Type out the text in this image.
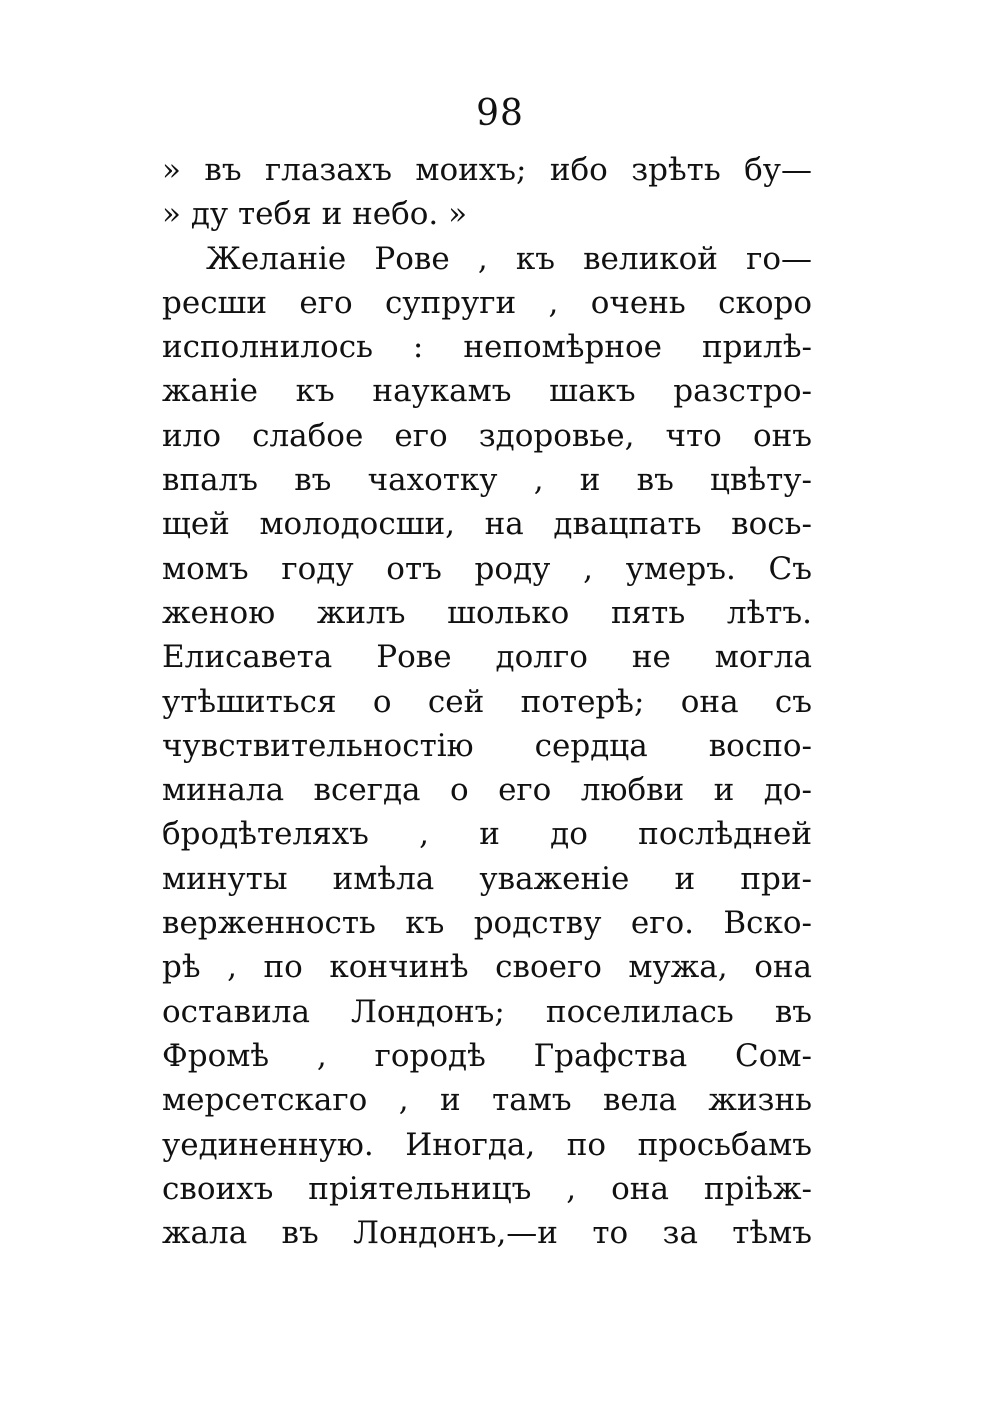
98
» въ глазахъ моихъ; ибо зрѣть бу—
» ду тебя и небо. »
Желаніе Рове , къ великой го—
ресши его супруги , очень скоро
исполнилось : непомѣрное прилѣ-
жаніе къ наукамъ шакъ разстро-
ило слабое его здоровье, что онъ
впалъ въ чахотку , и въ цвѣту-
щей молодосши, на двацпать вось-
момъ году отъ роду , умеръ. Съ
женою жилъ шолько пять лѣтъ.
Елисавета Рове долго не могла
утѣшиться о сей потерѣ; она съ
чувствительностію сердца воспо-
минала всегда о его любви и до-
бродѣтеляхъ , и до послѣдней
минуты имѣла уваженіе и при-
верженность къ родству его. Вско-
рѣ , по кончинѣ своего мужа, она
оставила Лондонъ; поселилась въ
Фромѣ , городѣ Графства Сом-
мерсетскаго , и тамъ вела жизнь
уединенную. Иногда, по просьбамъ
своихъ пріятельницъ , она пріѣж-
жала въ Лондонъ,—и то за тѣмъ
